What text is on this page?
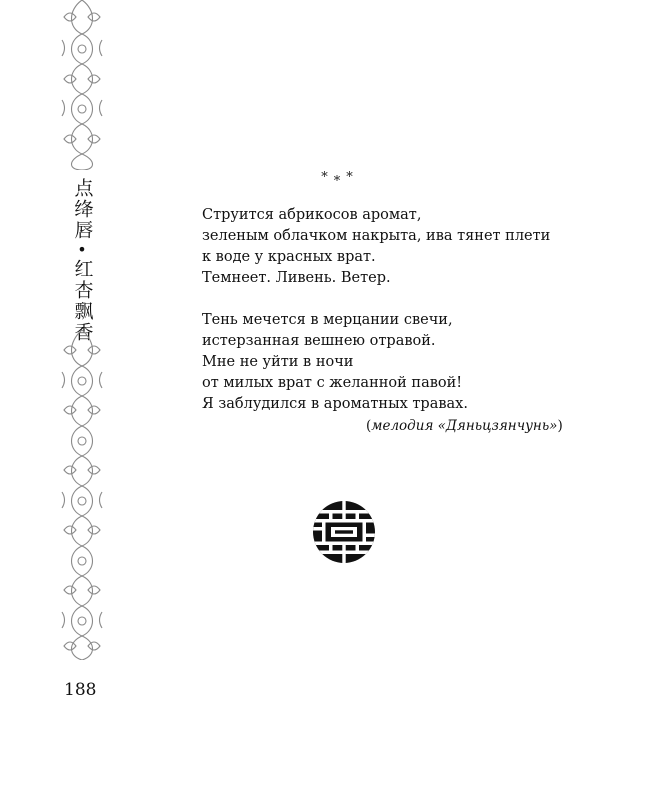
点绛唇
•
红杏飘香
188
***

Струится абрикосов аромат,
зеленым облачком накрыта, ива тянет плети
к воде у красных врат.
Темнеет. Ливень. Ветер.

Тень мечется в мерцании свечи,
истерзанная вешнею отравой.
Мне не уйти в ночи
от милых врат с желанной павой!
Я заблудился в ароматных травах.

(мелодия «Дяньцзянчунь»)
